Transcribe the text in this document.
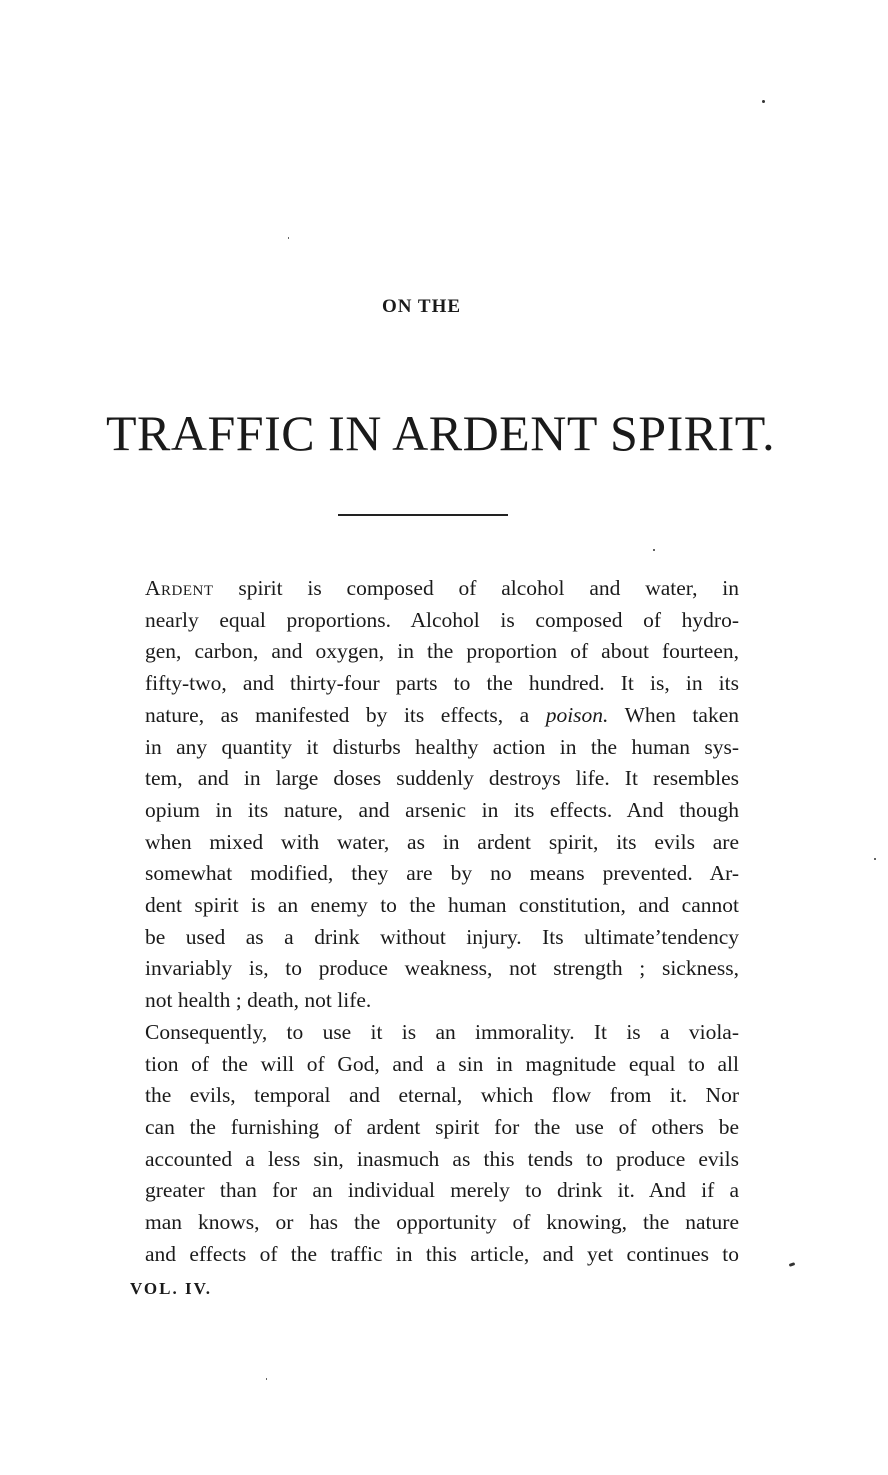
ON THE
TRAFFIC IN ARDENT SPIRIT.

Ardent spirit is composed of alcohol and water, in
nearly equal proportions. Alcohol is composed of hydro-
gen, carbon, and oxygen, in the proportion of about fourteen,
fifty-two, and thirty-four parts to the hundred. It is, in its
nature, as manifested by its effects, a poison. When taken
in any quantity it disturbs healthy action in the human sys-
tem, and in large doses suddenly destroys life. It resembles
opium in its nature, and arsenic in its effects. And though
when mixed with water, as in ardent spirit, its evils are
somewhat modified, they are by no means prevented. Ar-
dent spirit is an enemy to the human constitution, and cannot
be used as a drink without injury. Its ultimate’tendency
invariably is, to produce weakness, not strength ; sickness,
not health ; death, not life.

Consequently, to use it is an immorality. It is a viola-
tion of the will of God, and a sin in magnitude equal to all
the evils, temporal and eternal, which flow from it. Nor
can the furnishing of ardent spirit for the use of others be
accounted a less sin, inasmuch as this tends to produce evils
greater than for an individual merely to drink it. And if a
man knows, or has the opportunity of knowing, the nature
and effects of the traffic in this article, and yet continues to

VOL. IV.
